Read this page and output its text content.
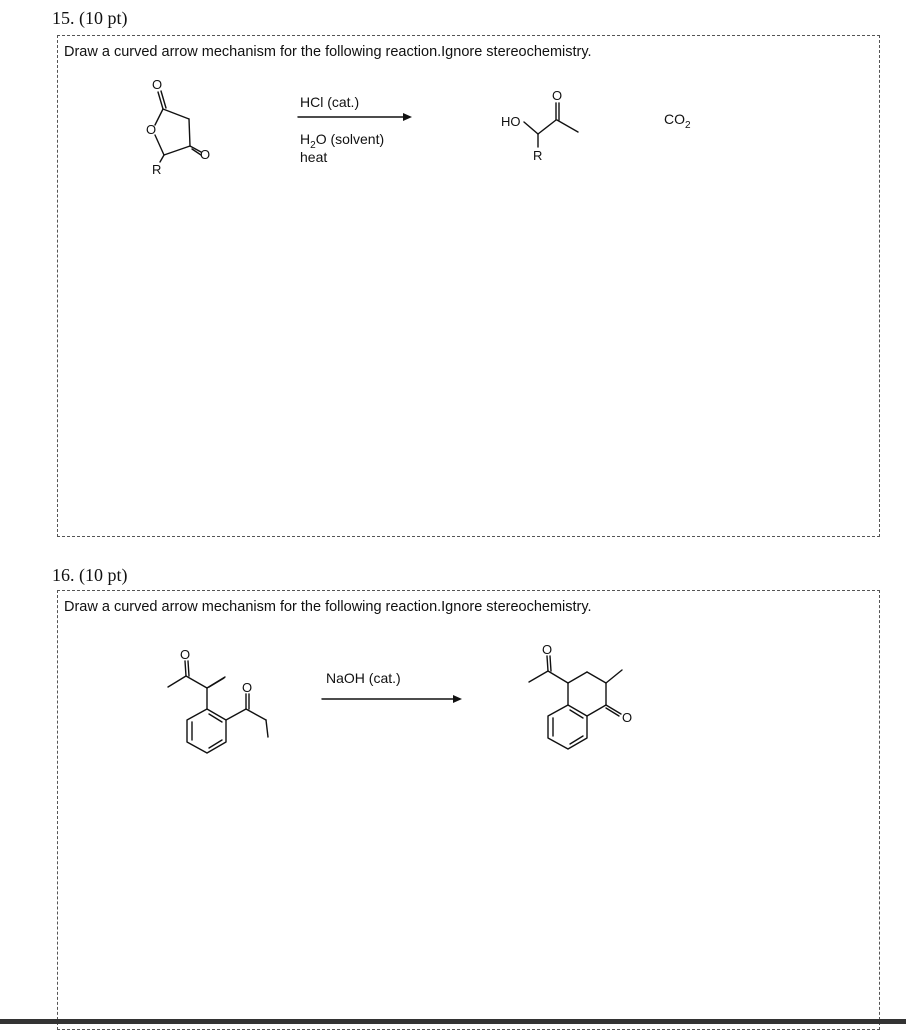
15. (10 pt)
Draw a curved arrow mechanism for the following reaction.Ignore stereochemistry.
HCl (cat.)
$H_2O$ (solvent)
heat
$CO_2$
O
O
O
R
HO
O
R
O
O
O
O
16. (10 pt)
Draw a curved arrow mechanism for the following reaction.Ignore stereochemistry.
NaOH (cat.)
